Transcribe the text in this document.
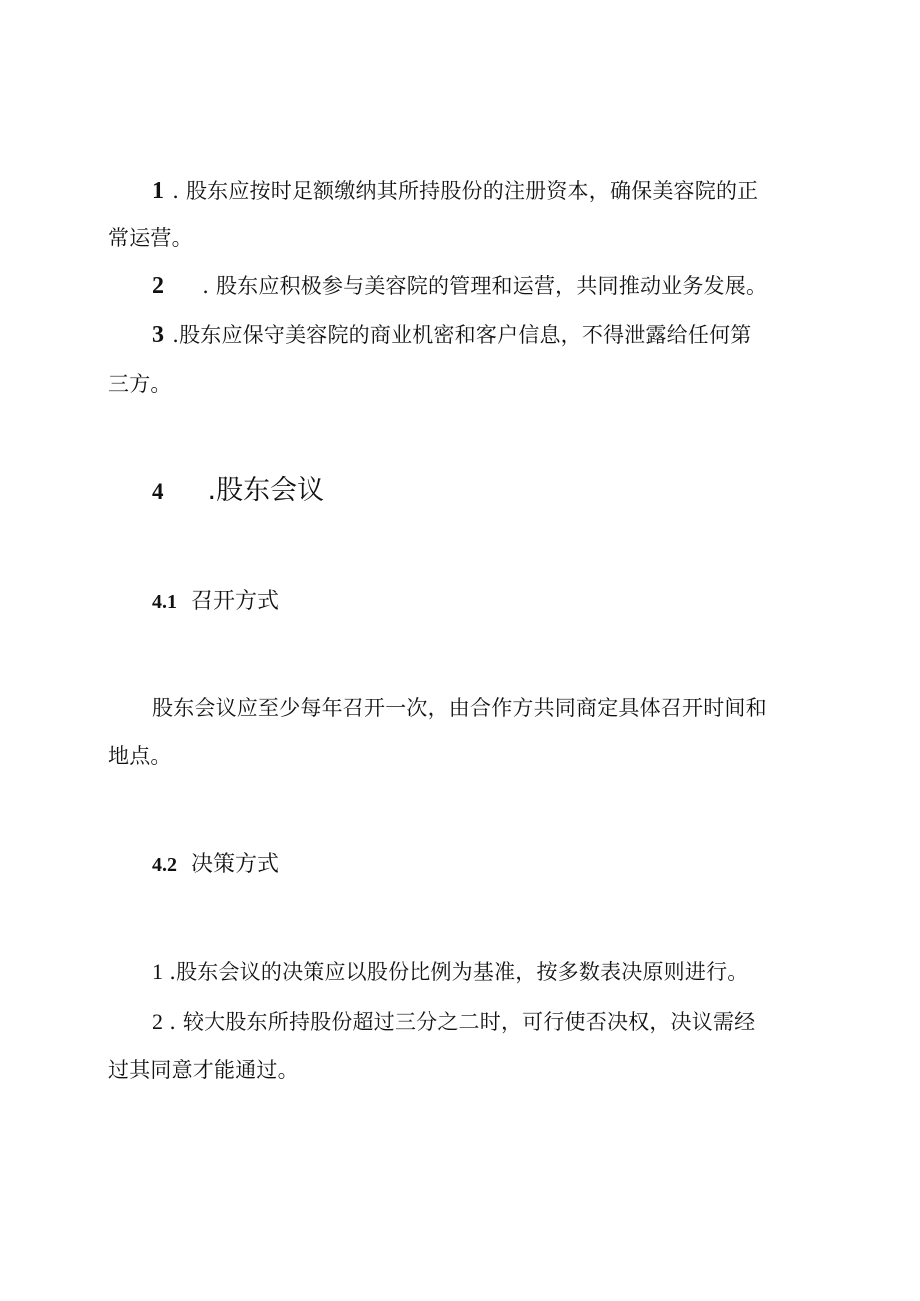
1 . 股东应按时足额缴纳其所持股份的注册资本，确保美容院的正
常运营。
2 . 股东应积极参与美容院的管理和运营，共同推动业务发展。
3 .股东应保守美容院的商业机密和客户信息，不得泄露给任何第
三方。
4 .股东会议
4.1 召开方式
股东会议应至少每年召开一次，由合作方共同商定具体召开时间和
地点。
4.2 决策方式
1 .股东会议的决策应以股份比例为基准，按多数表决原则进行。
2 . 较大股东所持股份超过三分之二时，可行使否决权，决议需经
过其同意才能通过。
